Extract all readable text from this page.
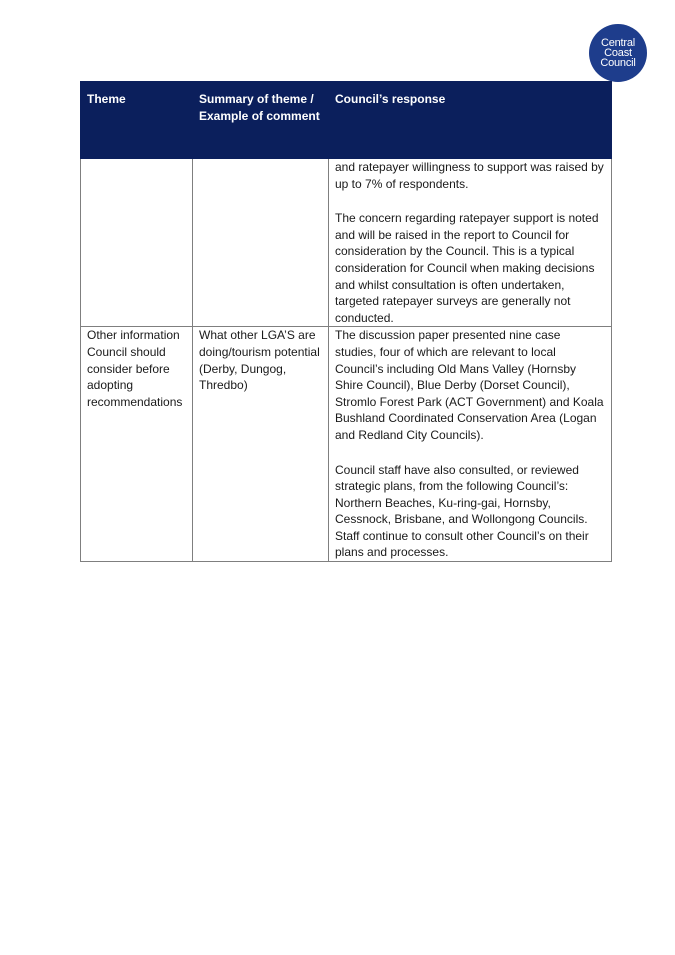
Central
Coast
Council
Theme	Summary of theme / Example of comment	Council’s response

		and ratepayer willingness to support was raised by up to 7% of respondents.

The concern regarding ratepayer support is noted and will be raised in the report to Council for consideration by the Council. This is a typical consideration for Council when making decisions and whilst consultation is often undertaken, targeted ratepayer surveys are generally not conducted.

Other information Council should consider before adopting recommendations	What other LGA’S are doing/tourism potential (Derby, Dungog, Thredbo)	The discussion paper presented nine case studies, four of which are relevant to local Council’s including Old Mans Valley (Hornsby Shire Council), Blue Derby (Dorset Council), Stromlo Forest Park (ACT Government) and Koala Bushland Coordinated Conservation Area (Logan and Redland City Councils).

Council staff have also consulted, or reviewed strategic plans, from the following Council’s: Northern Beaches, Ku-ring-gai, Hornsby, Cessnock, Brisbane, and Wollongong Councils. Staff continue to consult other Council’s on their plans and processes.
